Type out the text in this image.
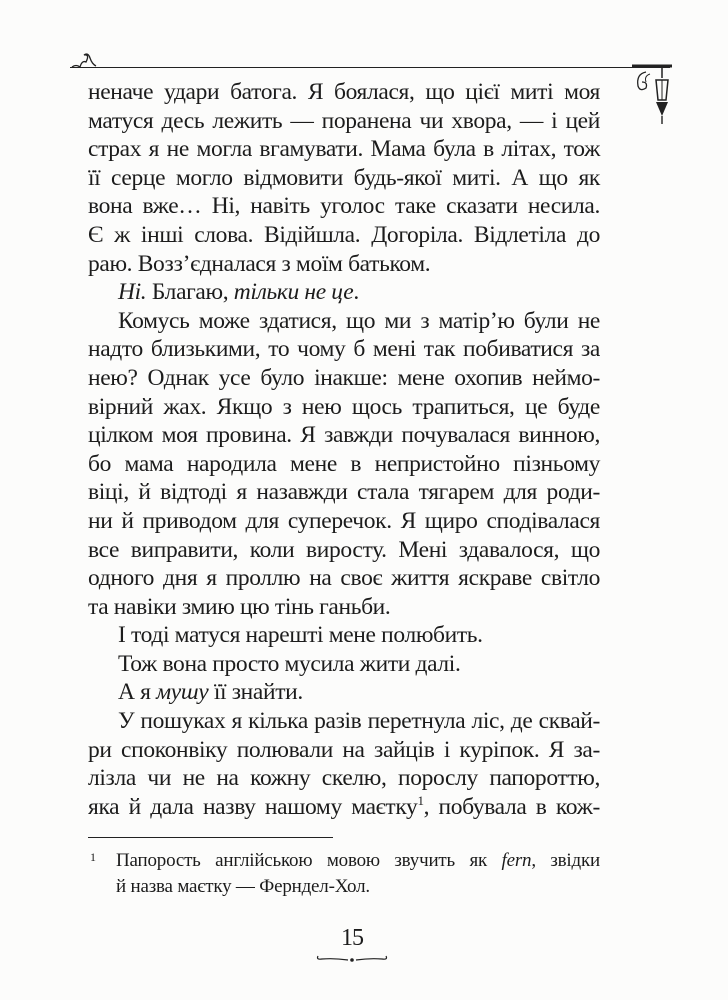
неначе удари батога. Я боялася, що цієї миті моя
матуся десь лежить — поранена чи хвора, — і цей
страх я не могла вгамувати. Мама була в літах, тож
її серце могло відмовити будь-якої миті. А що як
вона вже… Ні, навіть уголос таке сказати несила.
Є ж інші слова. Відійшла. Догоріла. Відлетіла до
раю. Возз’єдналася з моїм батьком.
Ні. Благаю, тільки не це.
Комусь може здатися, що ми з матір’ю були не
надто близькими, то чому б мені так побиватися за
нею? Однак усе було інакше: мене охопив неймо-
вірний жах. Якщо з нею щось трапиться, це буде
цілком моя провина. Я завжди почувалася винною,
бо мама народила мене в непристойно пізньому
віці, й відтоді я назавжди стала тягарем для роди-
ни й приводом для суперечок. Я щиро сподівалася
все виправити, коли виросту. Мені здавалося, що
одного дня я проллю на своє життя яскраве світло
та навіки змию цю тінь ганьби.
І тоді матуся нарешті мене полюбить.
Тож вона просто мусила жити далі.
А я мушу її знайти.
У пошуках я кілька разів перетнула ліс, де сквай-
ри споконвіку полювали на зайців і куріпок. Я за-
лізла чи не на кожну скелю, порослу папороттю,
яка й дала назву нашому маєтку$^1$, побувала в кож-
1	Папорость англійською мовою звучить як fern, звідки
й назва маєтку — Ферндел-Хол.
15
